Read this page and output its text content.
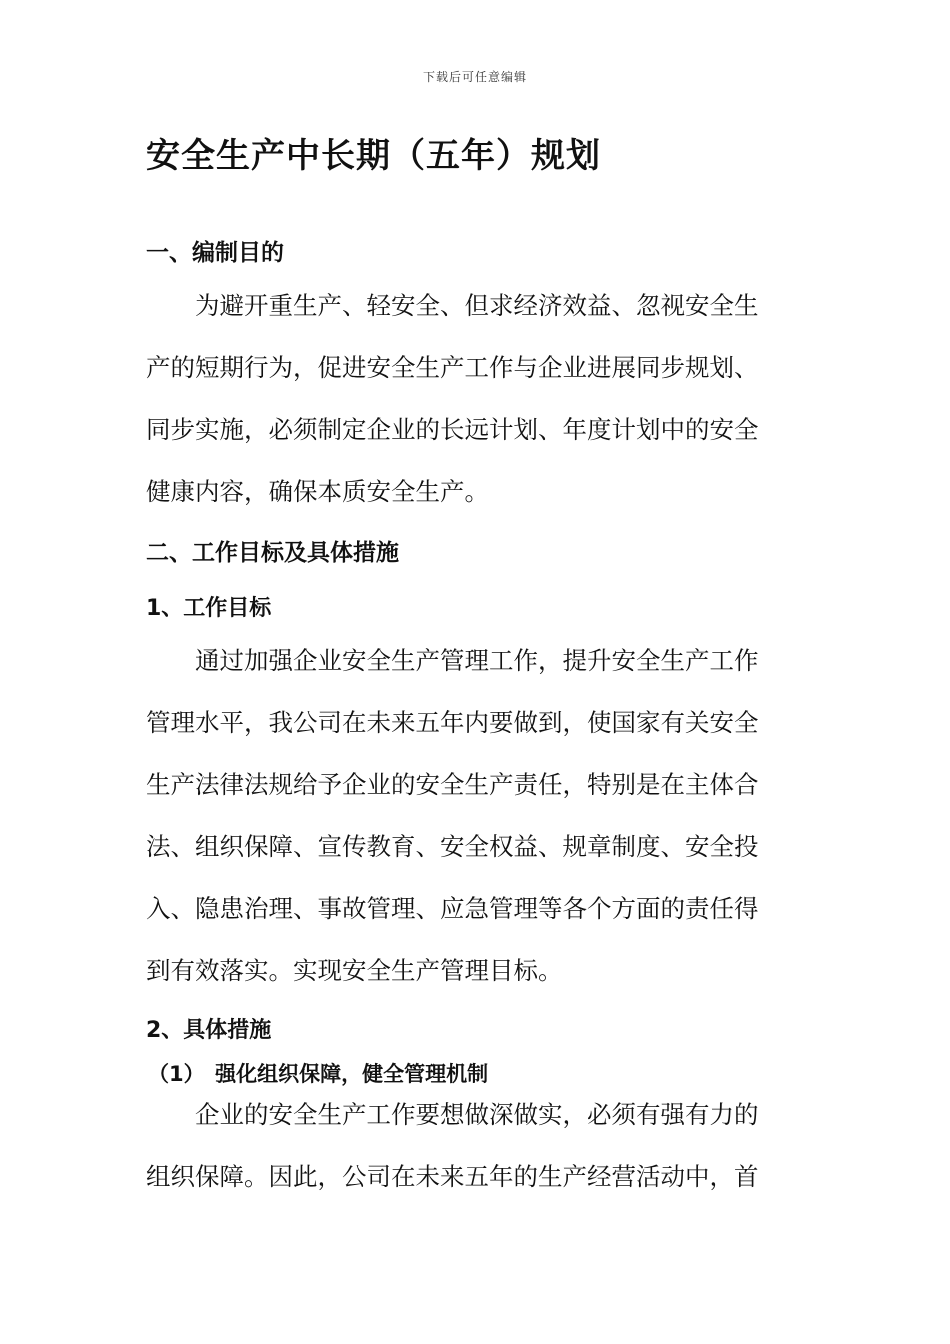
下载后可任意编辑
安全生产中长期（五年）规划
一、编制目的
为避开重生产、轻安全、但求经济效益、忽视安全生
产的短期行为，促进安全生产工作与企业进展同步规划、
同步实施，必须制定企业的长远计划、年度计划中的安全
健康内容，确保本质安全生产。
二、工作目标及具体措施
1、工作目标
通过加强企业安全生产管理工作，提升安全生产工作
管理水平，我公司在未来五年内要做到，使国家有关安全
生产法律法规给予企业的安全生产责任，特别是在主体合
法、组织保障、宣传教育、安全权益、规章制度、安全投
入、隐患治理、事故管理、应急管理等各个方面的责任得
到有效落实。实现安全生产管理目标。
2、具体措施
（1）　强化组织保障，健全管理机制
企业的安全生产工作要想做深做实，必须有强有力的
组织保障。因此，公司在未来五年的生产经营活动中，首
